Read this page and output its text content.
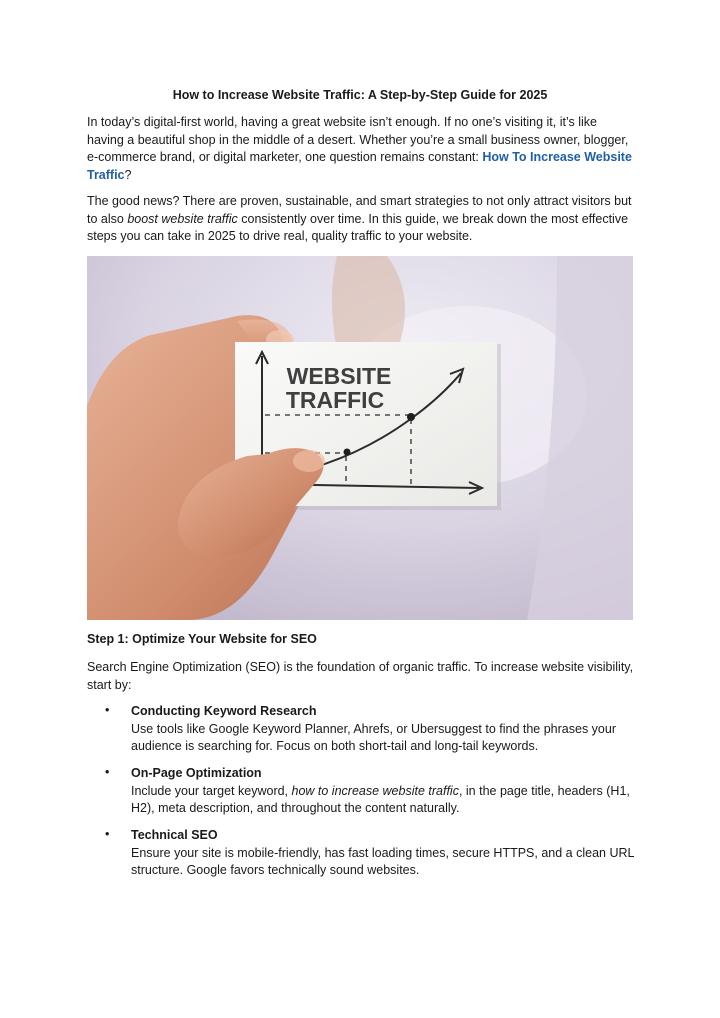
How to Increase Website Traffic: A Step-by-Step Guide for 2025

In today’s digital-first world, having a great website isn’t enough. If no one’s visiting it, it’s like having a beautiful shop in the middle of a desert. Whether you’re a small business owner, blogger, e-commerce brand, or digital marketer, one question remains constant: How To Increase Website Traffic?

The good news? There are proven, sustainable, and smart strategies to not only attract visitors but to also boost website traffic consistently over time. In this guide, we break down the most effective steps you can take in 2025 to drive real, quality traffic to your website.

WEBSITE
TRAFFIC
Step 1: Optimize Your Website for SEO

Search Engine Optimization (SEO) is the foundation of organic traffic. To increase website visibility, start by:

• Conducting Keyword Research
Use tools like Google Keyword Planner, Ahrefs, or Ubersuggest to find the phrases your audience is searching for. Focus on both short-tail and long-tail keywords.
• On-Page Optimization
Include your target keyword, how to increase website traffic, in the page title, headers (H1, H2), meta description, and throughout the content naturally.
• Technical SEO
Ensure your site is mobile-friendly, has fast loading times, secure HTTPS, and a clean URL structure. Google favors technically sound websites.
